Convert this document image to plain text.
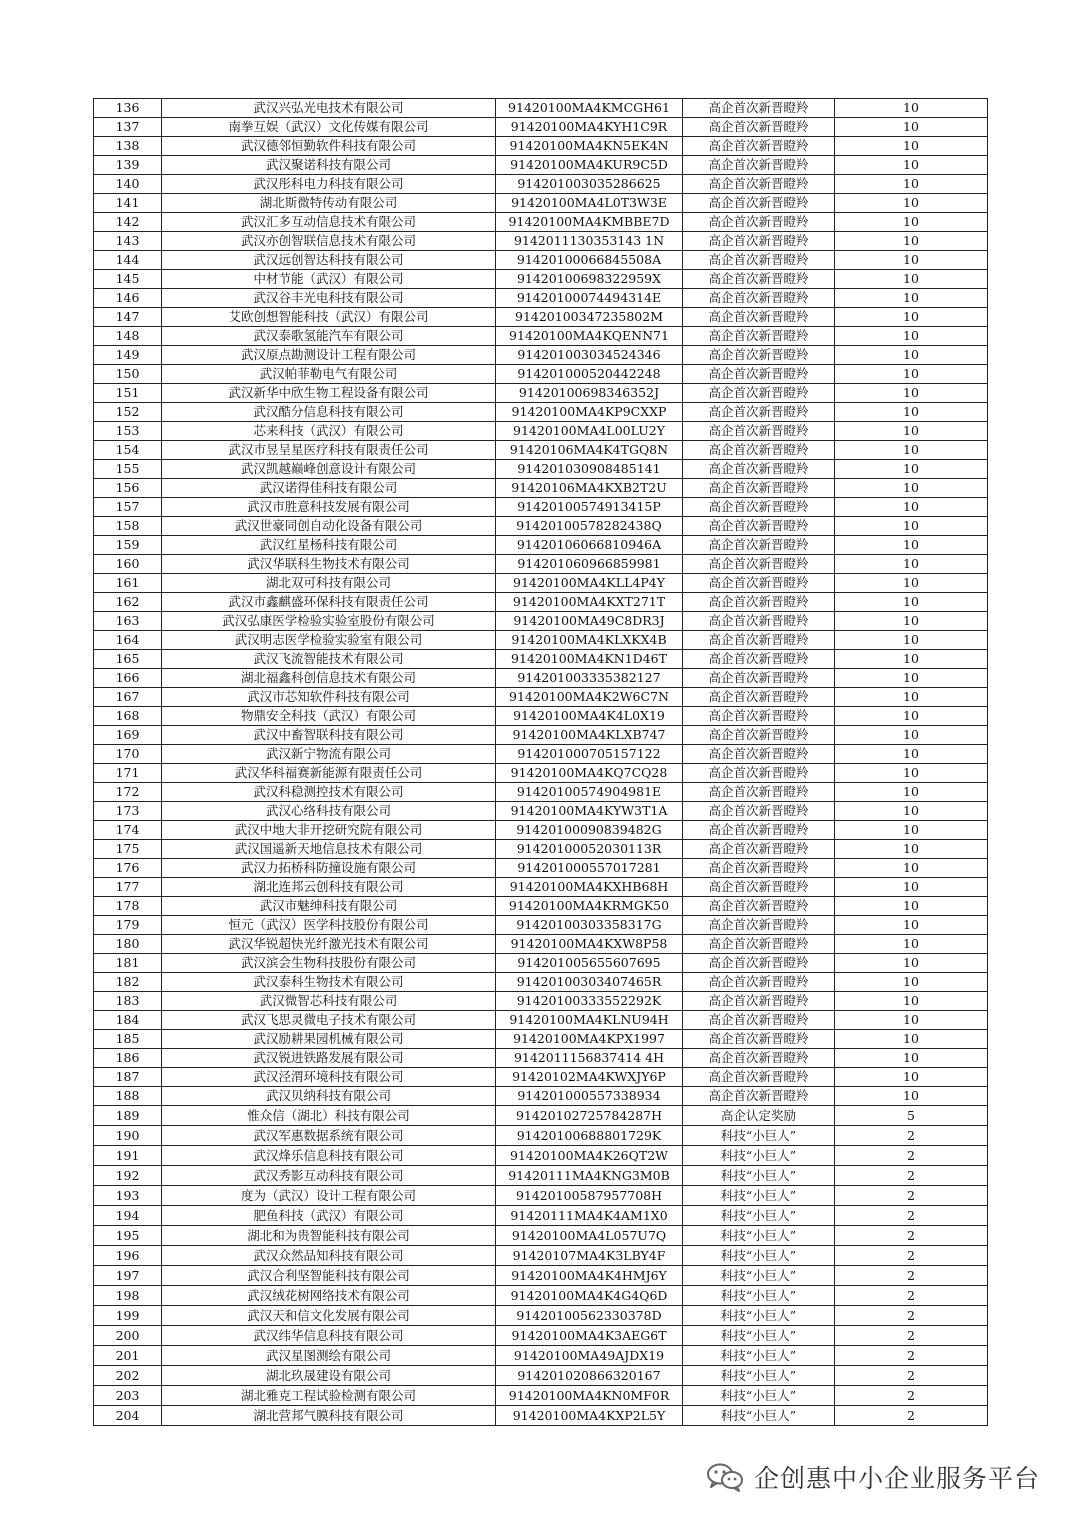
136	武汉兴弘光电技术有限公司	91420100MA4KMCGH61	高企首次新晋瞪羚	10
137	南拳互娱（武汉）文化传媒有限公司	91420100MA4KYH1C9R	高企首次新晋瞪羚	10
138	武汉德邻恒勤软件科技有限公司	91420100MA4KN5EK4N	高企首次新晋瞪羚	10
139	武汉聚诺科技有限公司	91420100MA4KUR9C5D	高企首次新晋瞪羚	10
140	武汉彤科电力科技有限公司	914201003035286625	高企首次新晋瞪羚	10
141	湖北斯微特传动有限公司	91420100MA4L0T3W3E	高企首次新晋瞪羚	10
142	武汉汇多互动信息技术有限公司	91420100MA4KMBBE7D	高企首次新晋瞪羚	10
143	武汉亦创智联信息技术有限公司	9142011130353143 1N	高企首次新晋瞪羚	10
144	武汉远创智达科技有限公司	91420100066845508A	高企首次新晋瞪羚	10
145	中材节能（武汉）有限公司	91420100698322959X	高企首次新晋瞪羚	10
146	武汉谷丰光电科技有限公司	91420100074494314E	高企首次新晋瞪羚	10
147	艾欧创想智能科技（武汉）有限公司	91420100347235802M	高企首次新晋瞪羚	10
148	武汉泰歌氢能汽车有限公司	91420100MA4KQENN71	高企首次新晋瞪羚	10
149	武汉原点勘测设计工程有限公司	914201003034524346	高企首次新晋瞪羚	10
150	武汉帕菲勒电气有限公司	914201000520442248	高企首次新晋瞪羚	10
151	武汉新华中欣生物工程设备有限公司	91420100698346352J	高企首次新晋瞪羚	10
152	武汉酷分信息科技有限公司	91420100MA4KP9CXXP	高企首次新晋瞪羚	10
153	芯来科技（武汉）有限公司	91420100MA4L00LU2Y	高企首次新晋瞪羚	10
154	武汉市昱呈星医疗科技有限责任公司	91420106MA4K4TGQ8N	高企首次新晋瞪羚	10
155	武汉凯越巅峰创意设计有限公司	914201030908485141	高企首次新晋瞪羚	10
156	武汉诺得佳科技有限公司	91420106MA4KXB2T2U	高企首次新晋瞪羚	10
157	武汉市胜意科技发展有限公司	91420100574913415P	高企首次新晋瞪羚	10
158	武汉世豪同创自动化设备有限公司	91420100578282438Q	高企首次新晋瞪羚	10
159	武汉红星杨科技有限公司	91420106066810946A	高企首次新晋瞪羚	10
160	武汉华联科生物技术有限公司	914201060966859981	高企首次新晋瞪羚	10
161	湖北双可科技有限公司	91420100MA4KLL4P4Y	高企首次新晋瞪羚	10
162	武汉市鑫麒盛环保科技有限责任公司	91420100MA4KXT271T	高企首次新晋瞪羚	10
163	武汉弘康医学检验实验室股份有限公司	91420100MA49C8DR3J	高企首次新晋瞪羚	10
164	武汉明志医学检验实验室有限公司	91420100MA4KLXKX4B	高企首次新晋瞪羚	10
165	武汉飞流智能技术有限公司	91420100MA4KN1D46T	高企首次新晋瞪羚	10
166	湖北福鑫科创信息技术有限公司	914201003335382127	高企首次新晋瞪羚	10
167	武汉市芯知软件科技有限公司	91420100MA4K2W6C7N	高企首次新晋瞪羚	10
168	物鼎安全科技（武汉）有限公司	91420100MA4K4L0X19	高企首次新晋瞪羚	10
169	武汉中畜智联科技有限公司	91420100MA4KLXB747	高企首次新晋瞪羚	10
170	武汉新宁物流有限公司	914201000705157122	高企首次新晋瞪羚	10
171	武汉华科福赛新能源有限责任公司	91420100MA4KQ7CQ28	高企首次新晋瞪羚	10
172	武汉科稳测控技术有限公司	91420100574904981E	高企首次新晋瞪羚	10
173	武汉心络科技有限公司	91420100MA4KYW3T1A	高企首次新晋瞪羚	10
174	武汉中地大非开挖研究院有限公司	91420100090839482G	高企首次新晋瞪羚	10
175	武汉国遥新天地信息技术有限公司	91420100052030113R	高企首次新晋瞪羚	10
176	武汉力拓桥科防撞设施有限公司	914201000557017281	高企首次新晋瞪羚	10
177	湖北连邦云创科技有限公司	91420100MA4KXHB68H	高企首次新晋瞪羚	10
178	武汉市魅绅科技有限公司	91420100MA4KRMGK50	高企首次新晋瞪羚	10
179	恒元（武汉）医学科技股份有限公司	91420100303358317G	高企首次新晋瞪羚	10
180	武汉华锐超快光纤激光技术有限公司	91420100MA4KXW8P58	高企首次新晋瞪羚	10
181	武汉滨会生物科技股份有限公司	914201005655607695	高企首次新晋瞪羚	10
182	武汉泰科生物技术有限公司	91420100303407465R	高企首次新晋瞪羚	10
183	武汉微智芯科技有限公司	91420100333552292K	高企首次新晋瞪羚	10
184	武汉飞思灵微电子技术有限公司	91420100MA4KLNU94H	高企首次新晋瞪羚	10
185	武汉励耕果园机械有限公司	91420100MA4KPX1997	高企首次新晋瞪羚	10
186	武汉锐进铁路发展有限公司	9142011156837414 4H	高企首次新晋瞪羚	10
187	武汉泾渭环境科技有限公司	91420102MA4KWXJY6P	高企首次新晋瞪羚	10
188	武汉贝纳科技有限公司	914201000557338934	高企首次新晋瞪羚	10
189	惟众信（湖北）科技有限公司	91420102725784287H	高企认定奖励	5
190	武汉军惠数据系统有限公司	91420100688801729K	科技“小巨人”	2
191	武汉烽乐信息科技有限公司	91420100MA4K26QT2W	科技“小巨人”	2
192	武汉秀影互动科技有限公司	91420111MA4KNG3M0B	科技“小巨人”	2
193	度为（武汉）设计工程有限公司	91420100587957708H	科技“小巨人”	2
194	肥鱼科技（武汉）有限公司	91420111MA4K4AM1X0	科技“小巨人”	2
195	湖北和为贵智能科技有限公司	91420100MA4L057U7Q	科技“小巨人”	2
196	武汉众然品知科技有限公司	91420107MA4K3LBY4F	科技“小巨人”	2
197	武汉合利坚智能科技有限公司	91420100MA4K4HMJ6Y	科技“小巨人”	2
198	武汉绒花树网络技术有限公司	91420100MA4K4G4Q6D	科技“小巨人”	2
199	武汉天和信文化发展有限公司	91420100562330378D	科技“小巨人”	2
200	武汉纬华信息科技有限公司	91420100MA4K3AEG6T	科技“小巨人”	2
201	武汉星图测绘有限公司	91420100MA49AJDX19	科技“小巨人”	2
202	湖北玖晟建设有限公司	914201020866320167	科技“小巨人”	2
203	湖北雅克工程试验检测有限公司	91420100MA4KN0MF0R	科技“小巨人”	2
204	湖北营邦气膜科技有限公司	91420100MA4KXP2L5Y	科技“小巨人”	2
企创惠中小企业服务平台
